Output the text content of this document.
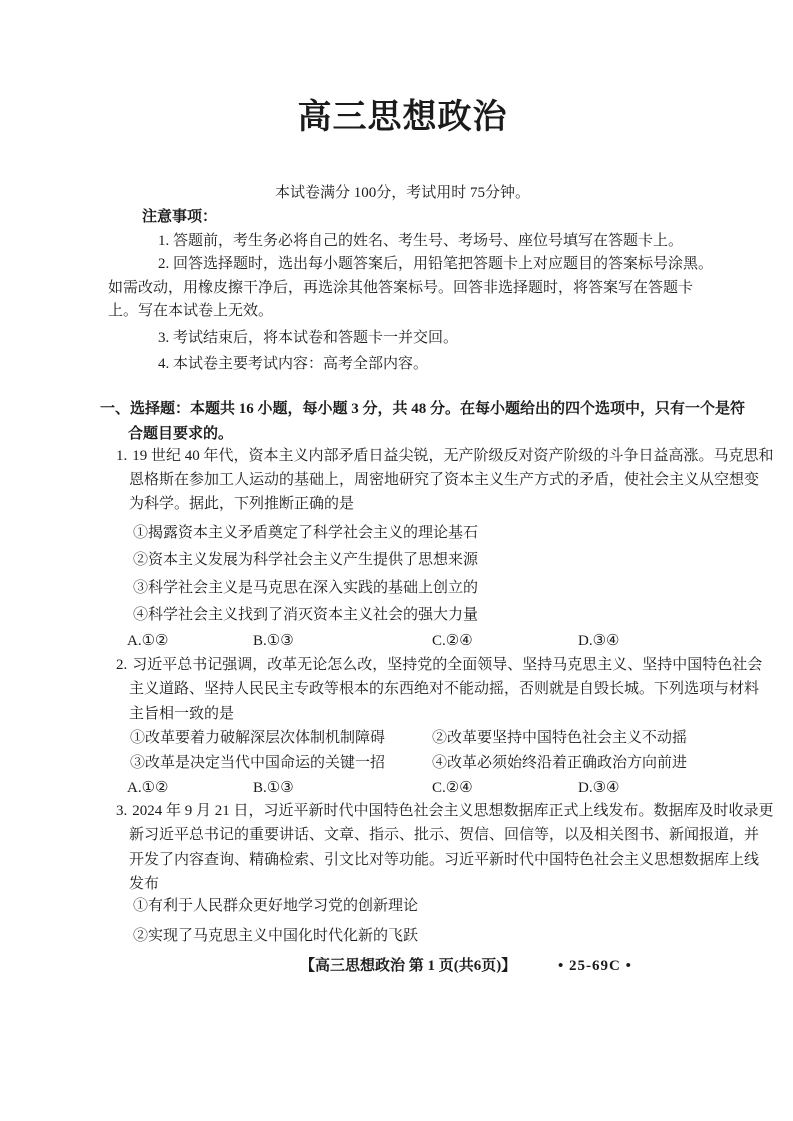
高三思想政治
本试卷满分 100分，考试用时 75分钟。
注意事项：
1. 答题前，考生务必将自己的姓名、考生号、考场号、座位号填写在答题卡上。
2. 回答选择题时，选出每小题答案后，用铅笔把答题卡上对应题目的答案标号涂黑。
如需改动，用橡皮擦干净后，再选涂其他答案标号。回答非选择题时，将答案写在答题卡
上。写在本试卷上无效。
3. 考试结束后，将本试卷和答题卡一并交回。
4. 本试卷主要考试内容：高考全部内容。
一、选择题：本题共 16 小题，每小题 3 分，共 48 分。在每小题给出的四个选项中，只有一个是符
合题目要求的。
1. 19 世纪 40 年代，资本主义内部矛盾日益尖锐，无产阶级反对资产阶级的斗争日益高涨。马克思和
恩格斯在参加工人运动的基础上，周密地研究了资本主义生产方式的矛盾，使社会主义从空想变
为科学。据此，下列推断正确的是
①揭露资本主义矛盾奠定了科学社会主义的理论基石
②资本主义发展为科学社会主义产生提供了思想来源
③科学社会主义是马克思在深入实践的基础上创立的
④科学社会主义找到了消灭资本主义社会的强大力量
A.①②	B.①③	C.②④	D.③④
2. 习近平总书记强调，改革无论怎么改，坚持党的全面领导、坚持马克思主义、坚持中国特色社会
主义道路、坚持人民民主专政等根本的东西绝对不能动摇，否则就是自毁长城。下列选项与材料
主旨相一致的是
①改革要着力破解深层次体制机制障碍	②改革要坚持中国特色社会主义不动摇
③改革是决定当代中国命运的关键一招	④改革必须始终沿着正确政治方向前进
A.①②	B.①③	C.②④	D.③④
3. 2024 年 9 月 21 日，习近平新时代中国特色社会主义思想数据库正式上线发布。数据库及时收录更
新习近平总书记的重要讲话、文章、指示、批示、贺信、回信等，以及相关图书、新闻报道，并
开发了内容查询、精确检索、引文比对等功能。习近平新时代中国特色社会主义思想数据库上线
发布
①有利于人民群众更好地学习党的创新理论
②实现了马克思主义中国化时代化新的飞跃
【高三思想政治 第 1 页(共6页)】	• 25-69C •
